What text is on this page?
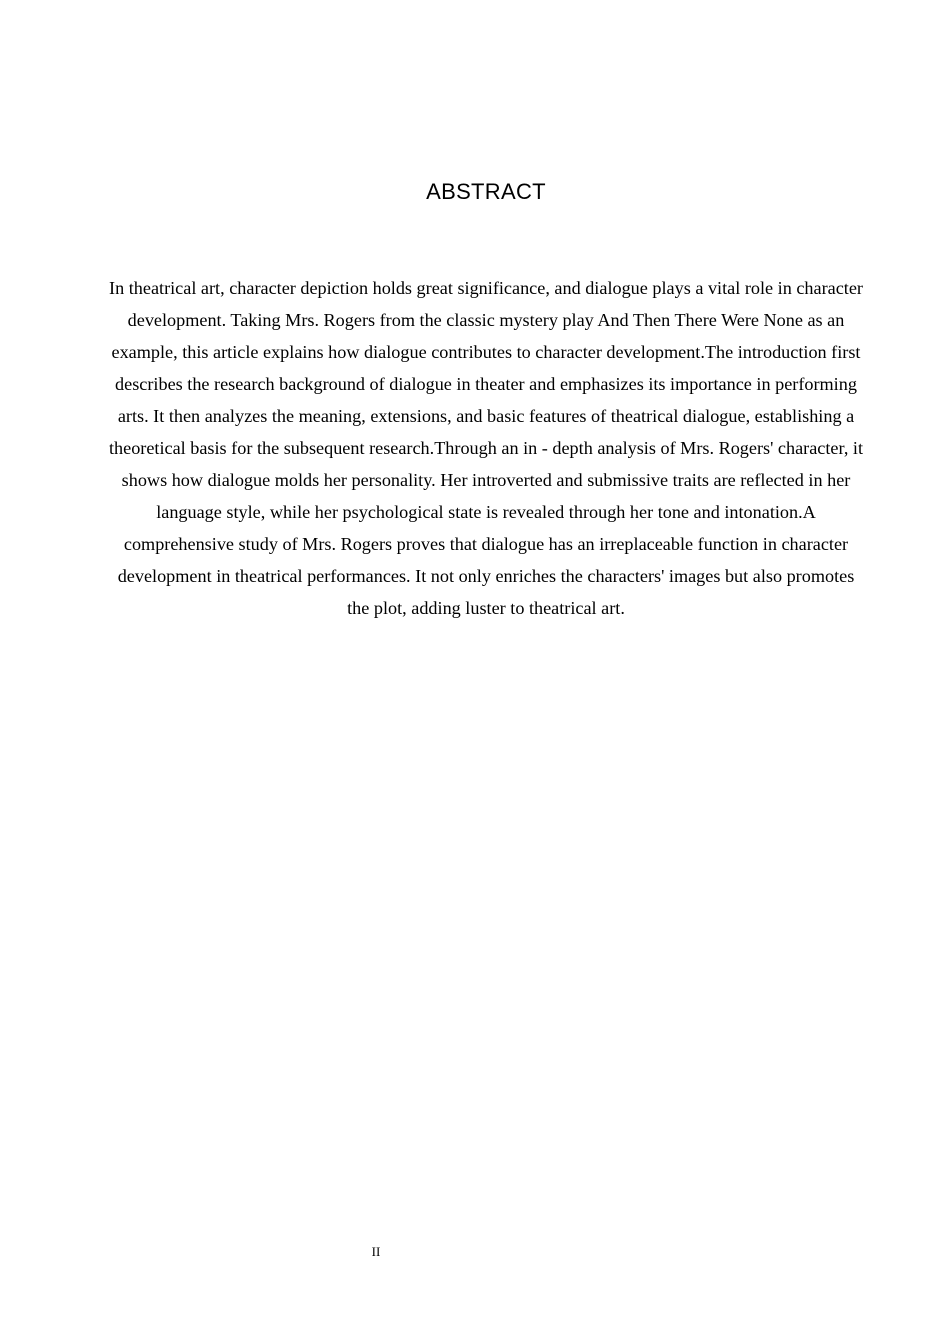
ABSTRACT

In theatrical art, character depiction holds great significance, and dialogue plays a vital role in character development. Taking Mrs. Rogers from the classic mystery play And Then There Were None as an example, this article explains how dialogue contributes to character development.The introduction first describes the research background of dialogue in theater and emphasizes its importance in performing arts. It then analyzes the meaning, extensions, and basic features of theatrical dialogue, establishing a theoretical basis for the subsequent research.Through an in - depth analysis of Mrs. Rogers' character, it shows how dialogue molds her personality. Her introverted and submissive traits are reflected in her language style, while her psychological state is revealed through her tone and intonation.A comprehensive study of Mrs. Rogers proves that dialogue has an irreplaceable function in character development in theatrical performances. It not only enriches the characters' images but also promotes the plot, adding luster to theatrical art.

II
